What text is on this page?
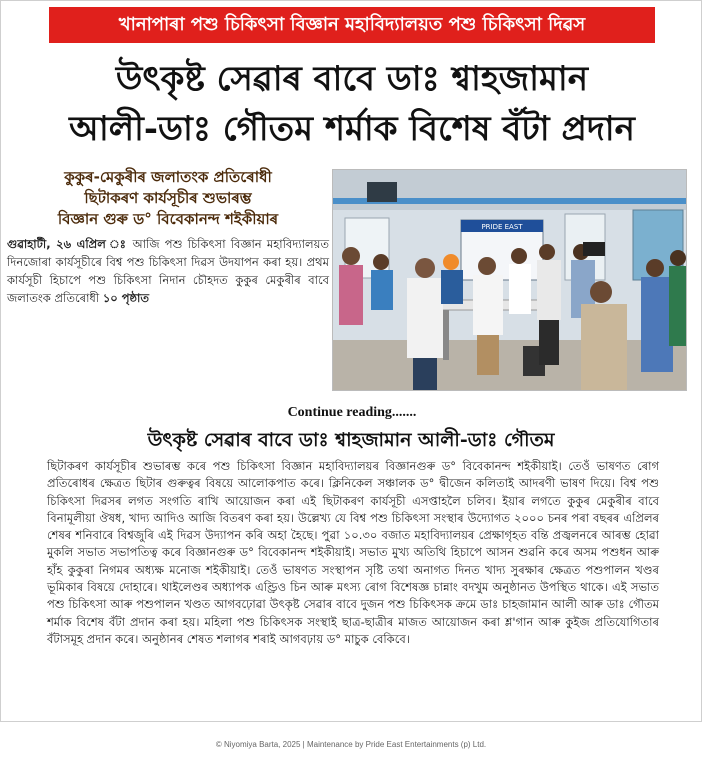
খানাপাৰা পশু চিকিৎসা বিজ্ঞান মহাবিদ্যালয়ত পশু চিকিৎসা দিৱস
উৎকৃষ্ট সেৱাৰ বাবে ডাঃ শ্বাহজামান
আলী-ডাঃ গৌতম শৰ্মাক বিশেষ বঁটা প্ৰদান
কুকুৰ-মেকুৰীৰ জলাতংক প্ৰতিৰোধী
ছিটাকৰণ কাৰ্যসূচীৰ শুভাৰম্ভ
বিজ্ঞান গুৰু ড° বিবেকানন্দ শইকীয়াৰ
গুৱাহাটী, ২৬ এপ্ৰিল ঃ আজি পশু চিকিৎসা বিজ্ঞান মহাবিদ্যালয়ত দিনজোৰা কাৰ্যসূচীৰে বিশ্ব পশু চিকিৎসা দিৱস উদযাপন কৰা হয়। প্ৰথম কাৰ্যসূচী হিচাপে পশু চিকিৎসা নিদান চৌহদত কুকুৰ মেকুৰীৰ বাবে জলাতংক প্ৰতিৰোধী ১০ পৃষ্ঠাত
PRIDE EAST
Continue reading.......
উৎকৃষ্ট সেৱাৰ বাবে ডাঃ শ্বাহজামান আলী-ডাঃ গৌতম

ছিটাকৰণ কাৰ্যসূচীৰ শুভাৰম্ভ কৰে পশু চিকিৎসা বিজ্ঞান মহাবিদ্যালয়ৰ বিজ্ঞানগুৰু ড° বিবেকানন্দ শইকীয়াই। তেওঁ ভাষণত ৰোগ প্ৰতিৰোধৰ ক্ষেত্ৰত ছিটাৰ গুৰুত্বৰ বিষয়ে আলোকপাত কৰে। ক্লিনিকেল সঞ্চালক ড° দ্বীজেন কলিতাই আদৰণী ভাষণ দিয়ে। বিশ্ব পশু চিকিৎসা দিৱসৰ লগত সংগতি ৰাখি আয়োজন কৰা এই ছিটাকৰণ কাৰ্যসূচী এসপ্তাহলৈ চলিব। ইয়াৰ লগতে কুকুৰ মেকুৰীৰ বাবে বিনামূলীয়া ঔষধ, খাদ্য আদিও আজি বিতৰণ কৰা হয়। উল্লেখ্য যে বিশ্ব পশু চিকিৎসা সংস্থাৰ উদ্যোগত ২০০০ চনৰ পৰা বছৰৰ এপ্ৰিলৰ শেষৰ শনিবাৰে বিশ্বজুৰি এই দিৱস উদ্যাপন কৰি অহা হৈছে। পুৱা ১০.৩০ বজাত মহাবিদ্যালয়ৰ প্ৰেক্ষাগৃহত বন্তি প্ৰজ্বলনৰে আৰম্ভ হোৱা মুকলি সভাত সভাপতিত্ব কৰে বিজ্ঞানগুৰু ড° বিবেকানন্দ শইকীয়াই। সভাত মুখ্য অতিথি হিচাপে আসন শুৱনি কৰে অসম পশুধন আৰু হাঁহ কুকুৰা নিগমৰ অধ্যক্ষ মনোজ শইকীয়াই। তেওঁ ভাষণত সংস্থাপন সৃষ্টি তথা অনাগত দিনত খাদ্য সুৰক্ষাৰ ক্ষেত্ৰত পশুপালন খণ্ডৰ ভূমিকাৰ বিষয়ে দোহাৰে। থাইলেণ্ডৰ অধ্যাপক এণ্ড্ৰিও চিন আৰু মৎস্য ৰোগ বিশেষজ্ঞ চান্নাং বদখুম অনুষ্ঠানত উপস্থিত থাকে। এই সভাত পশু চিকিৎসা আৰু পশুপালন খণ্ডত আগবঢ়োৱা উৎকৃষ্ট সেৱাৰ বাবে দুজন পশু চিকিৎসক ক্ৰমে ডাঃ চাহজামান আলী আৰু ডাঃ গৌতম শৰ্মাক বিশেষ বঁটা প্ৰদান কৰা হয়। মহিলা পশু চিকিৎসক সংস্থাই ছাত্ৰ-ছাত্ৰীৰ মাজত আয়োজন কৰা শ্ল'গান আৰু কুইজ প্ৰতিযোগিতাৰ বঁটাসমূহ প্ৰদান কৰে। অনুষ্ঠানৰ শেষত শলাগৰ শৰাই আগবঢ়ায় ড° মাচুক বেকিবে।

© Niyomiya Barta, 2025 | Maintenance by Pride East Entertainments (p) Ltd.
